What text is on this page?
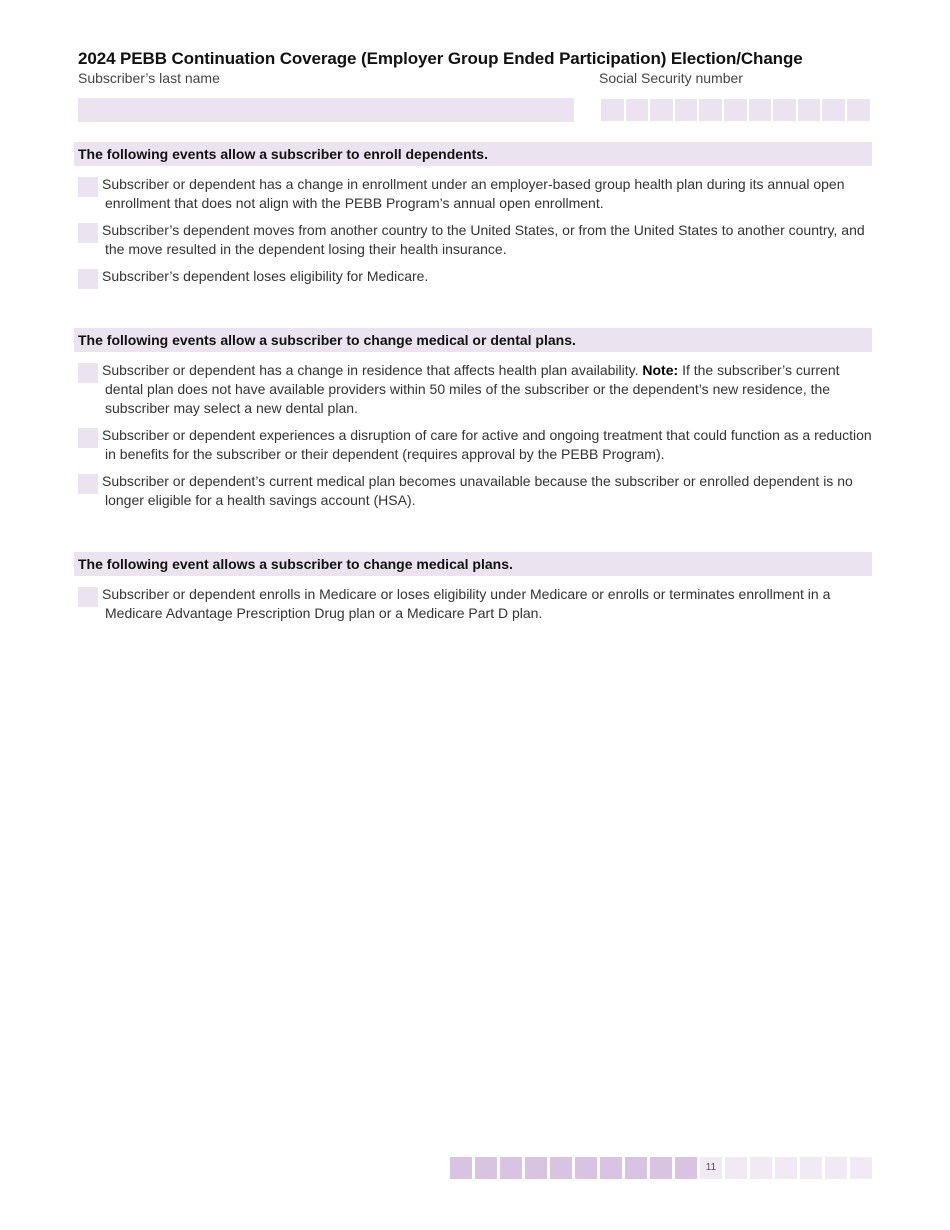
2024 PEBB Continuation Coverage (Employer Group Ended Participation) Election/Change
Subscriber’s last name	Social Security number
The following events allow a subscriber to enroll dependents.
Subscriber or dependent has a change in enrollment under an employer-based group health plan during its annual open enrollment that does not align with the PEBB Program’s annual open enrollment.
Subscriber’s dependent moves from another country to the United States, or from the United States to another country, and the move resulted in the dependent losing their health insurance.
Subscriber’s dependent loses eligibility for Medicare.
The following events allow a subscriber to change medical or dental plans.
Subscriber or dependent has a change in residence that affects health plan availability. Note: If the subscriber’s current dental plan does not have available providers within 50 miles of the subscriber or the dependent’s new residence, the subscriber may select a new dental plan.
Subscriber or dependent experiences a disruption of care for active and ongoing treatment that could function as a reduction in benefits for the subscriber or their dependent (requires approval by the PEBB Program).
Subscriber or dependent’s current medical plan becomes unavailable because the subscriber or enrolled dependent is no longer eligible for a health savings account (HSA).
The following event allows a subscriber to change medical plans.
Subscriber or dependent enrolls in Medicare or loses eligibility under Medicare or enrolls or terminates enrollment in a Medicare Advantage Prescription Drug plan or a Medicare Part D plan.
11
